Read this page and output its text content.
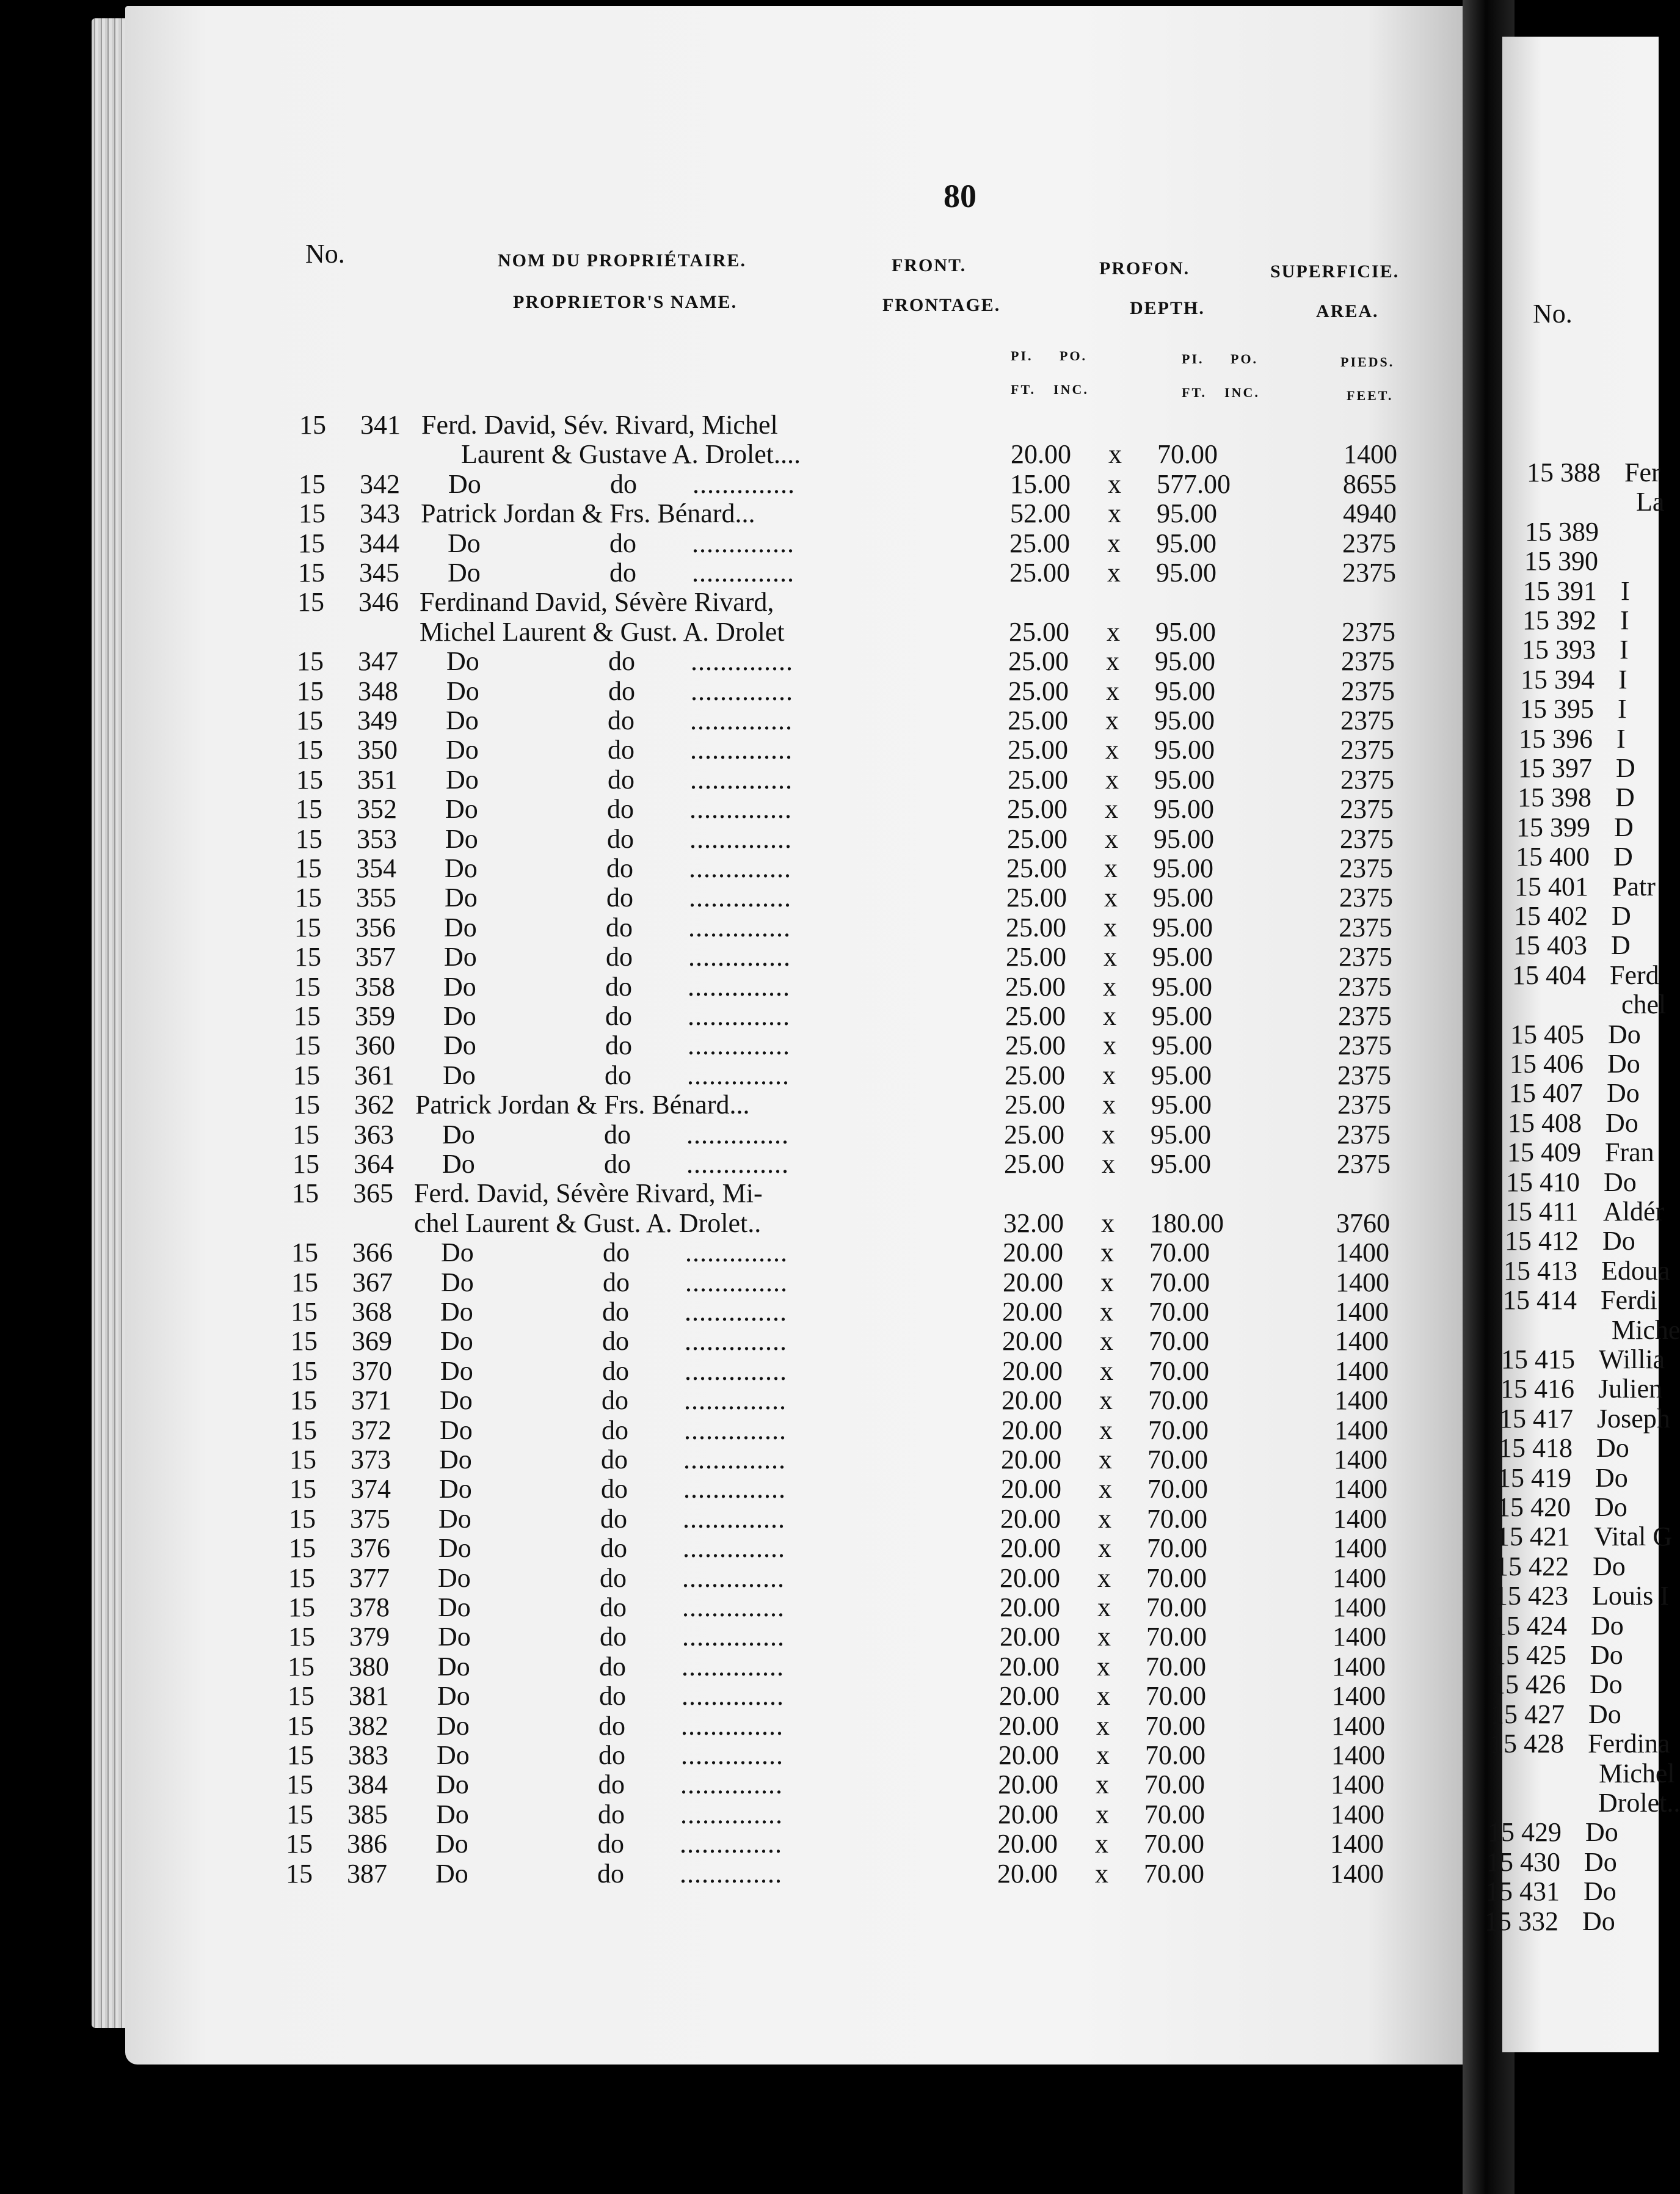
80
No.	NOM DU PROPRIÉTAIRE.
PROPRIETOR'S NAME.
FRONT.
FRONTAGE.
PROFON.
DEPTH.
SUPERFICIE.
AREA.
PI. PO.
FT. INC.
PI. PO.
FT. INC.
PIEDS.
FEET.
15 341 Ferd. David, Sév. Rivard, Michel
Laurent & Gustave A. Drolet....	20.00 x 70.00	1400
15 342 Do	do ..............	15.00 x 577.00	8655
15 343 Patrick Jordan & Frs. Bénard...	52.00 x 95.00	4940
15 344 Do	do ..............	25.00 x 95.00	2375
15 345 Do	do ..............	25.00 x 95.00	2375
15 346 Ferdinand David, Sévère Rivard,
Michel Laurent & Gust. A. Drolet	25.00 x 95.00	2375
15 347 Do	do ..............	25.00 x 95.00	2375
15 348 Do	do ..............	25.00 x 95.00	2375
15 349 Do	do ..............	25.00 x 95.00	2375
15 350 Do	do ..............	25.00 x 95.00	2375
15 351 Do	do ..............	25.00 x 95.00	2375
15 352 Do	do ..............	25.00 x 95.00	2375
15 353 Do	do ..............	25.00 x 95.00	2375
15 354 Do	do ..............	25.00 x 95.00	2375
15 355 Do	do ..............	25.00 x 95.00	2375
15 356 Do	do ..............	25.00 x 95.00	2375
15 357 Do	do ..............	25.00 x 95.00	2375
15 358 Do	do ..............	25.00 x 95.00	2375
15 359 Do	do ..............	25.00 x 95.00	2375
15 360 Do	do ..............	25.00 x 95.00	2375
15 361 Do	do ..............	25.00 x 95.00	2375
15 362 Patrick Jordan & Frs. Bénard...	25.00 x 95.00	2375
15 363 Do	do ..............	25.00 x 95.00	2375
15 364 Do	do ..............	25.00 x 95.00	2375
15 365 Ferd. David, Sévère Rivard, Mi-
chel Laurent & Gust. A. Drolet..	32.00 x 180.00	3760
15 366 Do	do ..............	20.00 x 70.00	1400
15 367 Do	do ..............	20.00 x 70.00	1400
15 368 Do	do ..............	20.00 x 70.00	1400
15 369 Do	do ..............	20.00 x 70.00	1400
15 370 Do	do ..............	20.00 x 70.00	1400
15 371 Do	do ..............	20.00 x 70.00	1400
15 372 Do	do ..............	20.00 x 70.00	1400
15 373 Do	do ..............	20.00 x 70.00	1400
15 374 Do	do ..............	20.00 x 70.00	1400
15 375 Do	do ..............	20.00 x 70.00	1400
15 376 Do	do ..............	20.00 x 70.00	1400
15 377 Do	do ..............	20.00 x 70.00	1400
15 378 Do	do ..............	20.00 x 70.00	1400
15 379 Do	do ..............	20.00 x 70.00	1400
15 380 Do	do ..............	20.00 x 70.00	1400
15 381 Do	do ..............	20.00 x 70.00	1400
15 382 Do	do ..............	20.00 x 70.00	1400
15 383 Do	do ..............	20.00 x 70.00	1400
15 384 Do	do ..............	20.00 x 70.00	1400
15 385 Do	do ..............	20.00 x 70.00	1400
15 386 Do	do ..............	20.00 x 70.00	1400
15 387 Do	do ..............	20.00 x 70.00	1400
No.
15 388 Fer
La
15 389
15 390
15 391 I
15 392 I
15 393 I
15 394 I
15 395 I
15 396 I
15 397 D
15 398 D
15 399 D
15 400 D
15 401 Patr
15 402 D
15 403 D
15 404 Ferd
chel
15 405 Do
15 406 Do
15 407 Do
15 408 Do
15 409 Fran
15 410 Do
15 411 Aldér
15 412 Do
15 413 Edoua
15 414 Ferdi
Miche
15 415 Willia
15 416 Julien
15 417 Joseph
15 418 Do
15 419 Do
15 420 Do
15 421 Vital G
15 422 Do
15 423 Louis I
15 424 Do
15 425 Do
15 426 Do
15 427 Do
15 428 Ferdina
Michel
Drolet..
15 429 Do
15 430 Do
15 431 Do
15 332 Do
